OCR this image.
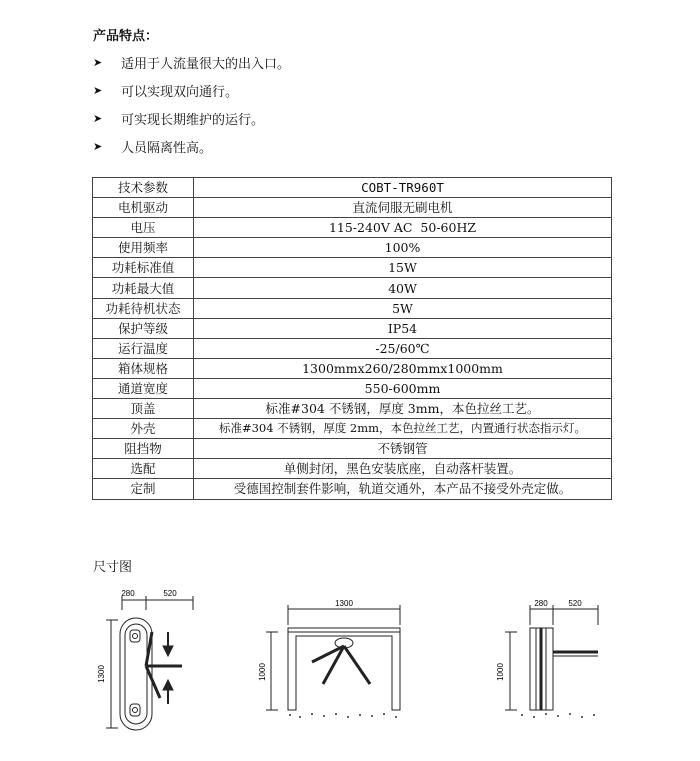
产品特点：
➤	适用于人流量很大的出入口。
➤	可以实现双向通行。
➤	可实现长期维护的运行。
➤	人员隔离性高。
技术参数	COBT-TR960T
电机驱动	直流伺服无刷电机
电压	115-240V AC  50-60HZ
使用频率	100%
功耗标准值	15W
功耗最大值	40W
功耗待机状态	5W
保护等级	IP54
运行温度	-25/60℃
箱体规格	1300mmx260/280mmx1000mm
通道宽度	550-600mm
顶盖	标准#304 不锈钢，厚度 3mm，本色拉丝工艺。
外壳	标准#304 不锈钢，厚度 2mm，本色拉丝工艺，内置通行状态指示灯。
阻挡物	不锈钢管
选配	单侧封闭，黑色安装底座，自动落杆装置。
定制	受德国控制套件影响，轨道交通外，本产品不接受外壳定做。
尺寸图
280	520
1300
1300
1000
280	520
1000
